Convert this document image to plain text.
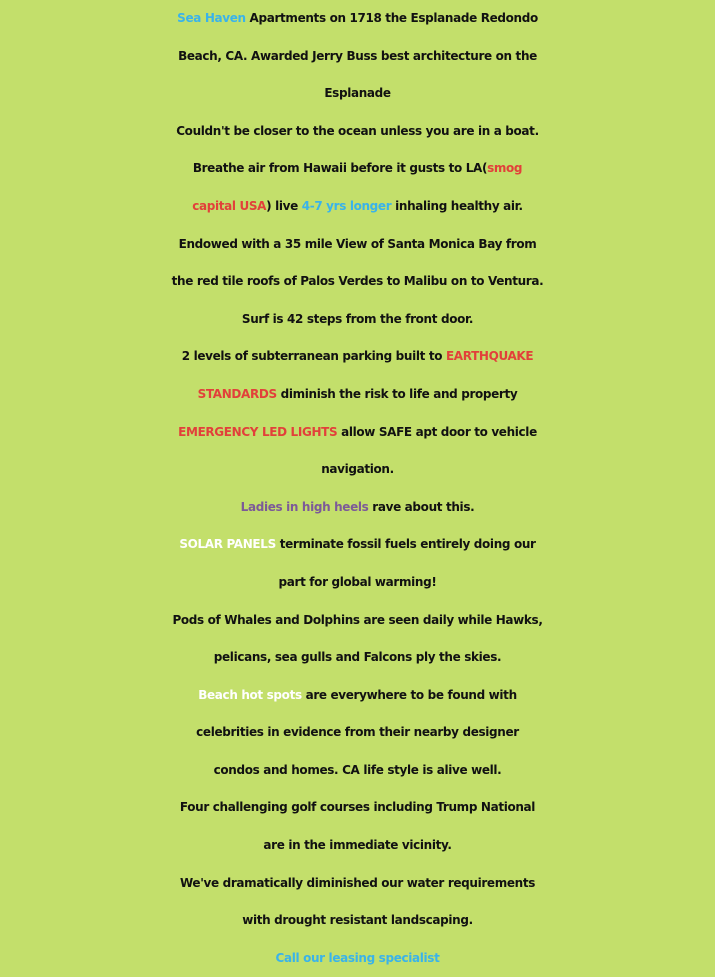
Sea Haven Apartments on 1718 the Esplanade Redondo
Beach, CA. Awarded Jerry Buss best architecture on the
Esplanade
Couldn't be closer to the ocean unless you are in a boat.
Breathe air from Hawaii before it gusts to LA(smog
capital USA) live 4-7 yrs longer inhaling healthy air.
Endowed with a 35 mile View of Santa Monica Bay from
the red tile roofs of Palos Verdes to Malibu on to Ventura.
Surf is 42 steps from the front door.
2 levels of subterranean parking built to EARTHQUAKE
STANDARDS diminish the risk to life and property
EMERGENCY LED LIGHTS allow SAFE apt door to vehicle
navigation.
Ladies in high heels rave about this.
SOLAR PANELS terminate fossil fuels entirely doing our
part for global warming!
Pods of Whales and Dolphins are seen daily while Hawks,
pelicans, sea gulls and Falcons ply the skies.
Beach hot spots are everywhere to be found with
celebrities in evidence from their nearby designer
condos and homes. CA life style is alive well.
Four challenging golf courses including Trump National
are in the immediate vicinity.
We've dramatically diminished our water requirements
with drought resistant landscaping.
Call our leasing specialist
